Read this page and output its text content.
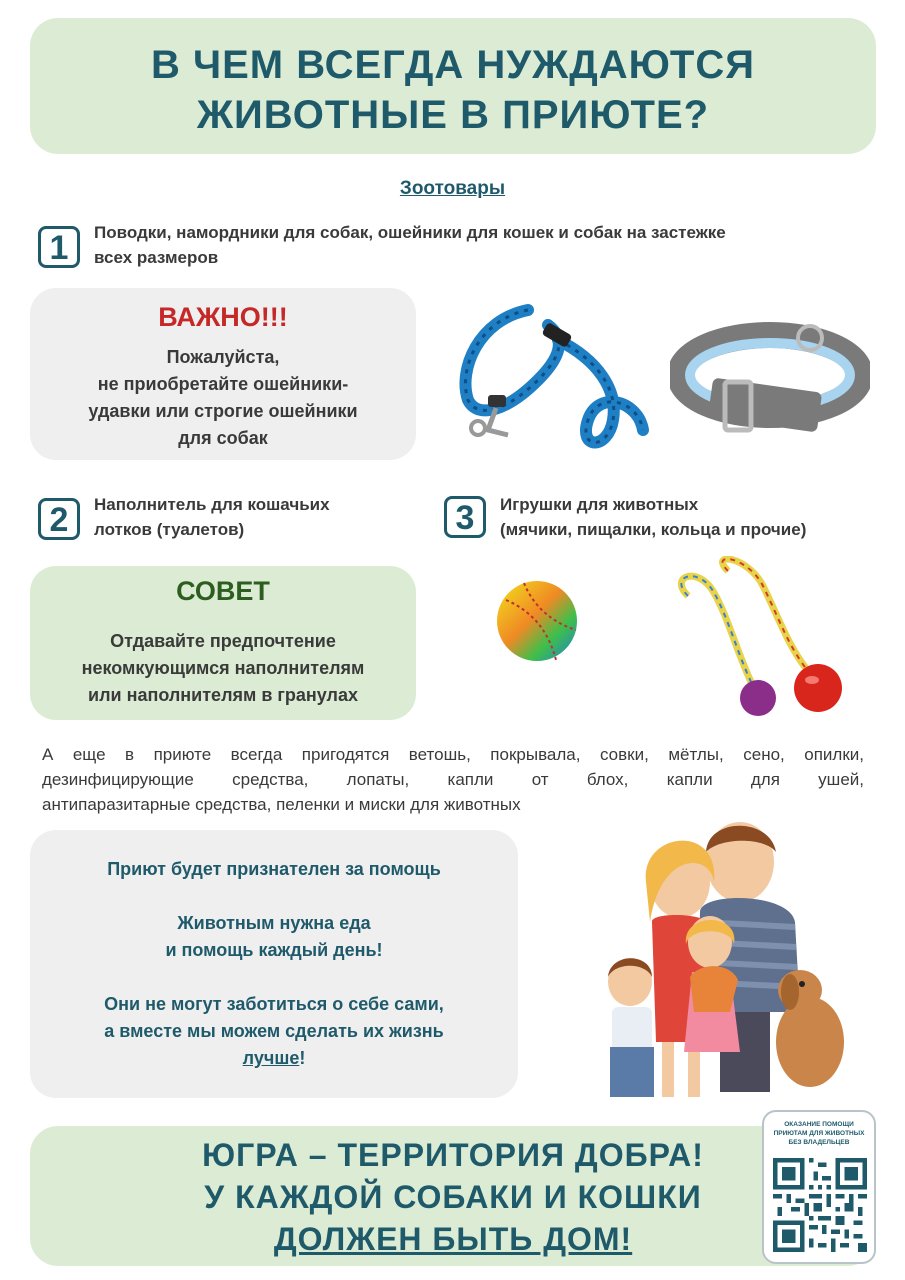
В ЧЕМ ВСЕГДА НУЖДАЮТСЯ
ЖИВОТНЫЕ В ПРИЮТЕ?
Зоотовары
1	Поводки, намордники для собак, ошейники для кошек и собак на застежке
всех размеров
ВАЖНО!!!
Пожалуйста,
не приобретайте ошейники-
удавки или строгие ошейники
для собак
2	Наполнитель для кошачьих
лотков (туалетов)	3	Игрушки для животных
(мячики, пищалки, кольца и прочие)
СОВЕТ
Отдавайте предпочтение
некомкующимся наполнителям
или наполнителям в гранулах
А еще в приюте всегда пригодятся ветошь, покрывала, совки, мётлы, сено, опилки,
дезинфицирующие средства, лопаты, капли от блох, капли для ушей,
антипаразитарные средства, пеленки и миски для животных
Приют будет признателен за помощь
Животным нужна еда
и помощь каждый день!
Они не могут заботиться о себе сами,
а вместе мы можем сделать их жизнь
лучше!
ЮГРА – ТЕРРИТОРИЯ ДОБРА!
У КАЖДОЙ СОБАКИ И КОШКИ
ДОЛЖЕН БЫТЬ ДОМ!
ОКАЗАНИЕ ПОМОЩИ
ПРИЮТАМ ДЛЯ ЖИВОТНЫХ
БЕЗ ВЛАДЕЛЬЦЕВ
